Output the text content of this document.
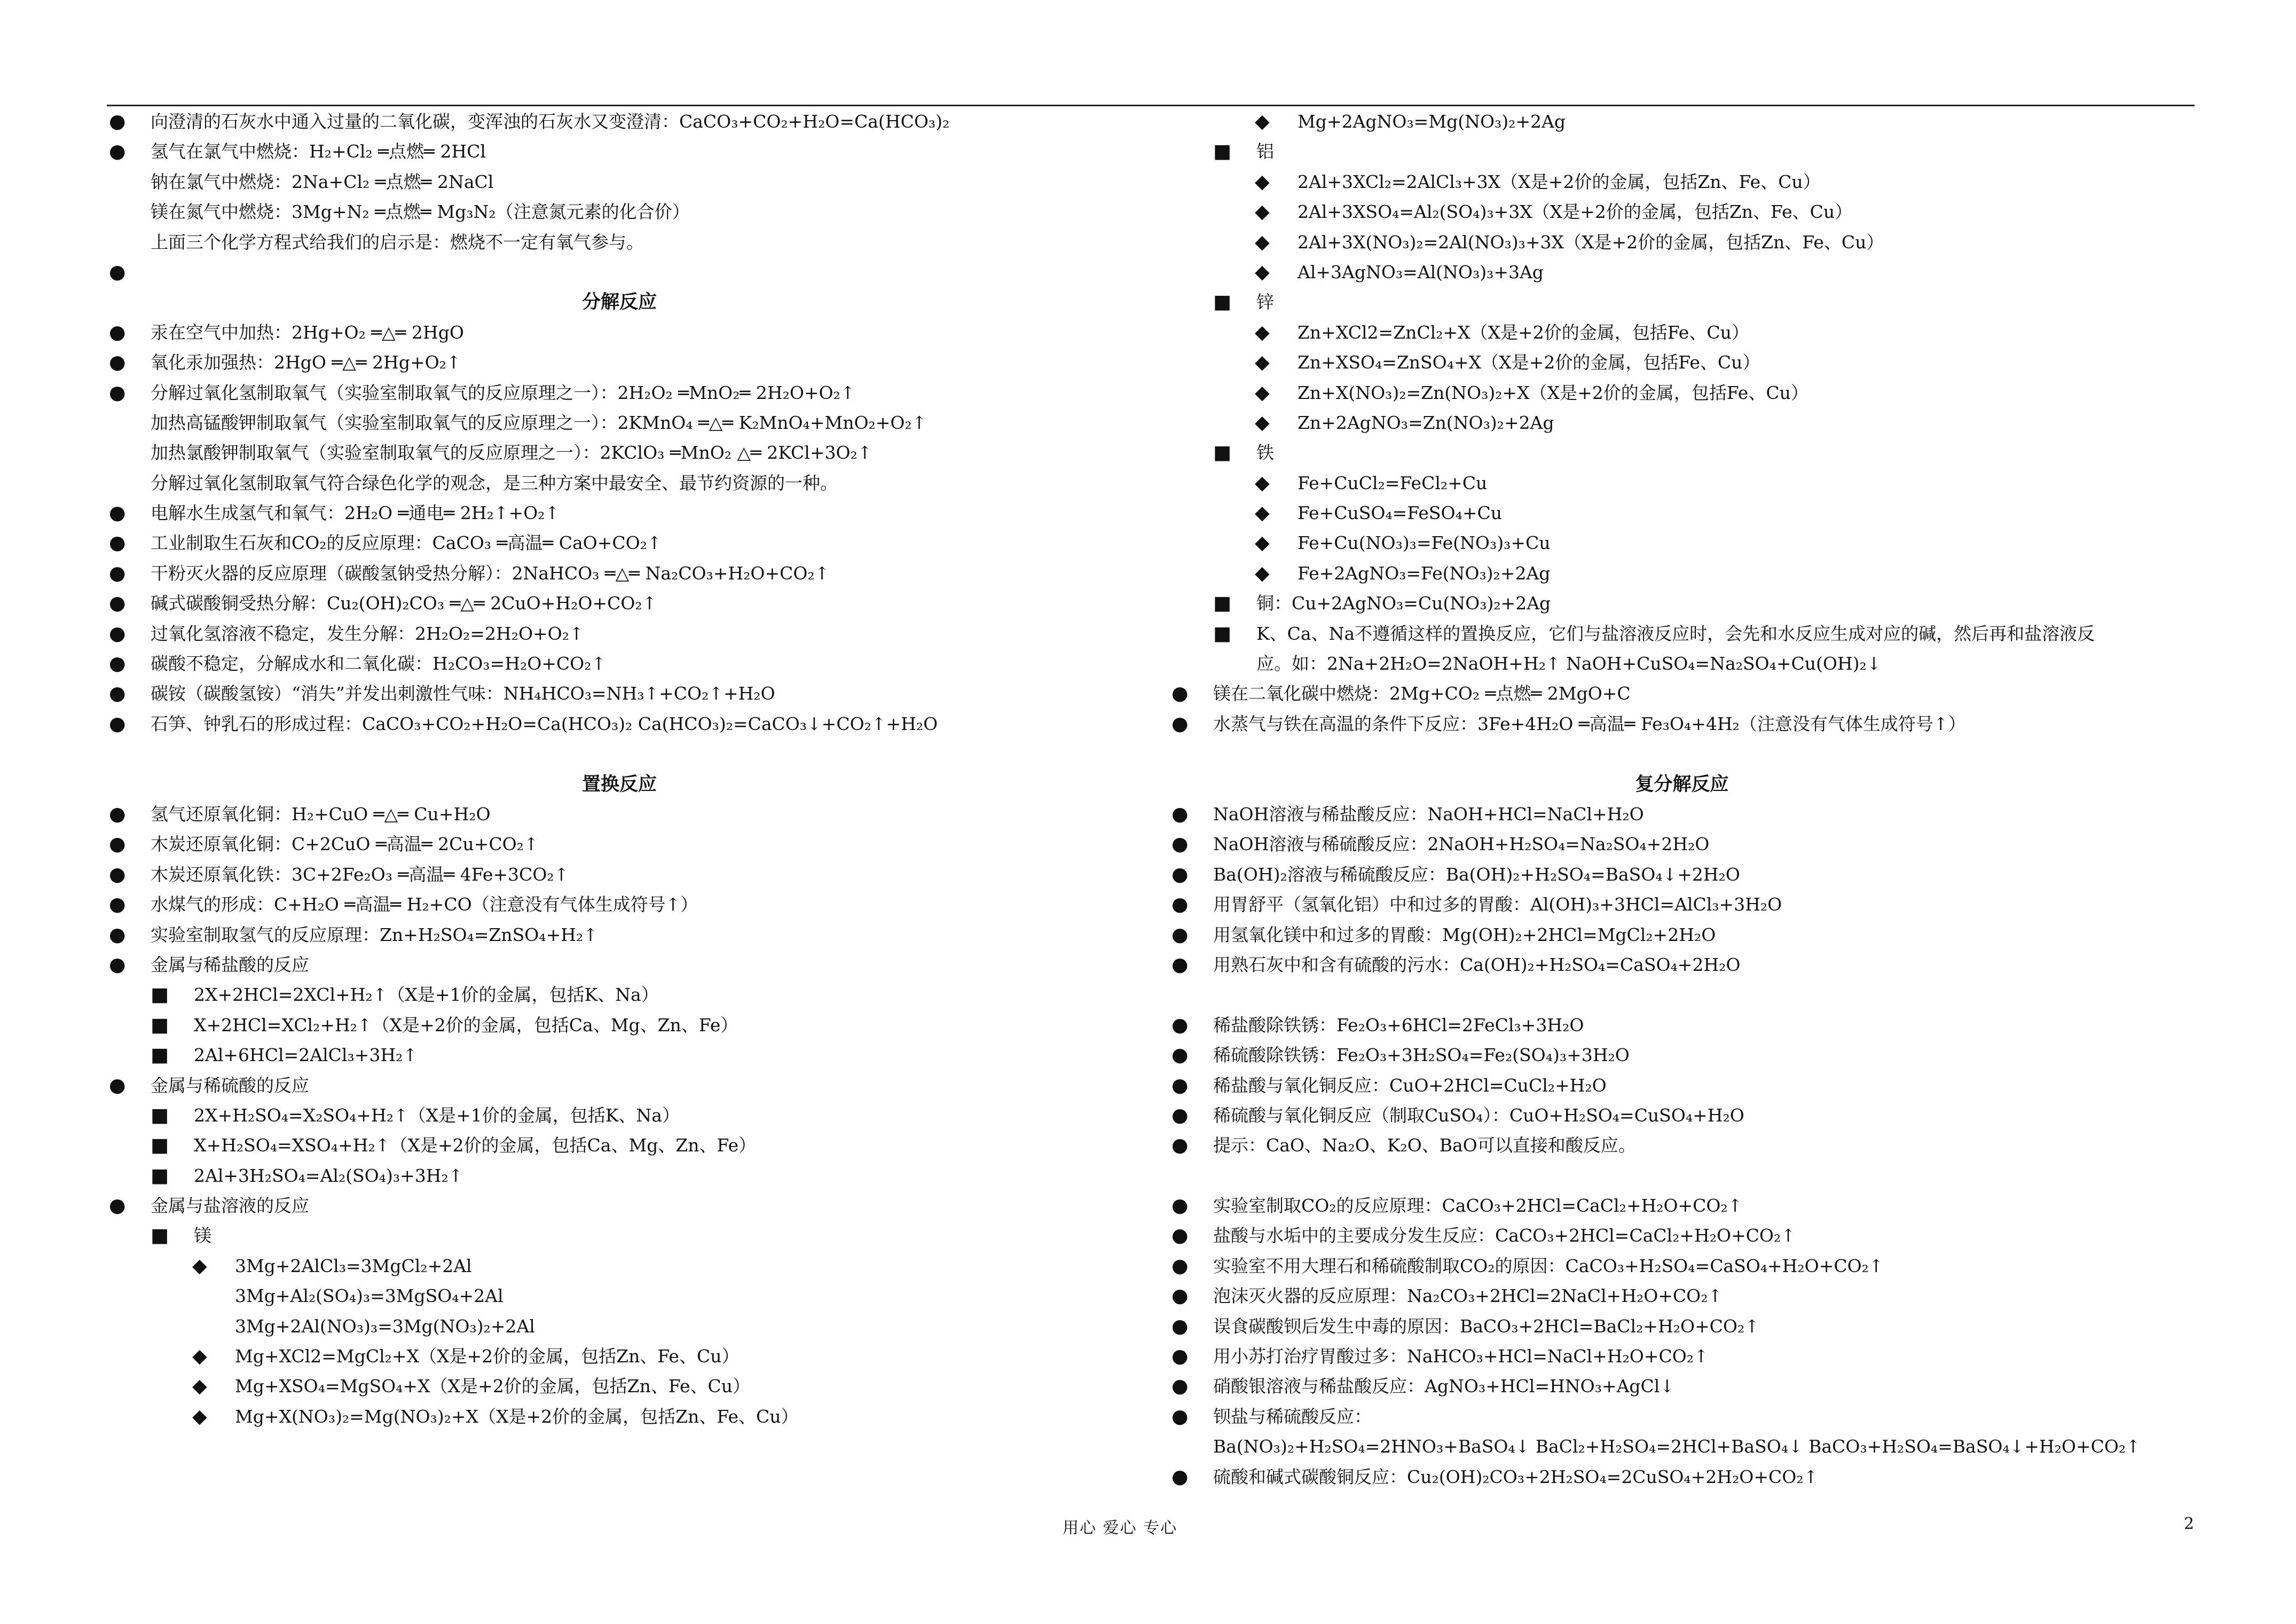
● 向澄清的石灰水中通入过量的二氧化碳，变浑浊的石灰水又变澄清：CaCO₃+CO₂+H₂O=Ca(HCO₃)₂
● 氢气在氯气中燃烧：H₂+Cl₂ ═点燃═ 2HCl
钠在氯气中燃烧：2Na+Cl₂ ═点燃═ 2NaCl
镁在氮气中燃烧：3Mg+N₂ ═点燃═ Mg₃N₂（注意氮元素的化合价）
上面三个化学方程式给我们的启示是：燃烧不一定有氧气参与。
●
分解反应
● 汞在空气中加热：2Hg+O₂ ═△═ 2HgO
● 氧化汞加强热：2HgO ═△═ 2Hg+O₂↑
● 分解过氧化氢制取氧气（实验室制取氧气的反应原理之一）：2H₂O₂ ═MnO₂═ 2H₂O+O₂↑
加热高锰酸钾制取氧气（实验室制取氧气的反应原理之一）：2KMnO₄ ═△═ K₂MnO₄+MnO₂+O₂↑
加热氯酸钾制取氧气（实验室制取氧气的反应原理之一）：2KClO₃ ═MnO₂ △═ 2KCl+3O₂↑
分解过氧化氢制取氧气符合绿色化学的观念，是三种方案中最安全、最节约资源的一种。
● 电解水生成氢气和氧气：2H₂O ═通电═ 2H₂↑+O₂↑
● 工业制取生石灰和CO₂的反应原理：CaCO₃ ═高温═ CaO+CO₂↑
● 干粉灭火器的反应原理（碳酸氢钠受热分解）：2NaHCO₃ ═△═ Na₂CO₃+H₂O+CO₂↑
● 碱式碳酸铜受热分解：Cu₂(OH)₂CO₃ ═△═ 2CuO+H₂O+CO₂↑
● 过氧化氢溶液不稳定，发生分解：2H₂O₂=2H₂O+O₂↑
● 碳酸不稳定，分解成水和二氧化碳：H₂CO₃=H₂O+CO₂↑
● 碳铵（碳酸氢铵）“消失”并发出刺激性气味：NH₄HCO₃=NH₃↑+CO₂↑+H₂O
● 石笋、钟乳石的形成过程：CaCO₃+CO₂+H₂O=Ca(HCO₃)₂ Ca(HCO₃)₂=CaCO₃↓+CO₂↑+H₂O
置换反应
● 氢气还原氧化铜：H₂+CuO ═△═ Cu+H₂O
● 木炭还原氧化铜：C+2CuO ═高温═ 2Cu+CO₂↑
● 木炭还原氧化铁：3C+2Fe₂O₃ ═高温═ 4Fe+3CO₂↑
● 水煤气的形成：C+H₂O ═高温═ H₂+CO（注意没有气体生成符号↑）
● 实验室制取氢气的反应原理：Zn+H₂SO₄=ZnSO₄+H₂↑
● 金属与稀盐酸的反应
■ 2X+2HCl=2XCl+H₂↑（X是+1价的金属，包括K、Na）
■ X+2HCl=XCl₂+H₂↑（X是+2价的金属，包括Ca、Mg、Zn、Fe）
■ 2Al+6HCl=2AlCl₃+3H₂↑
● 金属与稀硫酸的反应
■ 2X+H₂SO₄=X₂SO₄+H₂↑（X是+1价的金属，包括K、Na）
■ X+H₂SO₄=XSO₄+H₂↑（X是+2价的金属，包括Ca、Mg、Zn、Fe）
■ 2Al+3H₂SO₄=Al₂(SO₄)₃+3H₂↑
● 金属与盐溶液的反应
■ 镁
◆ 3Mg+2AlCl₃=3MgCl₂+2Al
3Mg+Al₂(SO₄)₃=3MgSO₄+2Al
3Mg+2Al(NO₃)₃=3Mg(NO₃)₂+2Al
◆ Mg+XCl2=MgCl₂+X（X是+2价的金属，包括Zn、Fe、Cu）
◆ Mg+XSO₄=MgSO₄+X（X是+2价的金属，包括Zn、Fe、Cu）
◆ Mg+X(NO₃)₂=Mg(NO₃)₂+X（X是+2价的金属，包括Zn、Fe、Cu）
◆ Mg+2AgNO₃=Mg(NO₃)₂+2Ag
■ 铝
◆ 2Al+3XCl₂=2AlCl₃+3X（X是+2价的金属，包括Zn、Fe、Cu）
◆ 2Al+3XSO₄=Al₂(SO₄)₃+3X（X是+2价的金属，包括Zn、Fe、Cu）
◆ 2Al+3X(NO₃)₂=2Al(NO₃)₃+3X（X是+2价的金属，包括Zn、Fe、Cu）
◆ Al+3AgNO₃=Al(NO₃)₃+3Ag
■ 锌
◆ Zn+XCl2=ZnCl₂+X（X是+2价的金属，包括Fe、Cu）
◆ Zn+XSO₄=ZnSO₄+X（X是+2价的金属，包括Fe、Cu）
◆ Zn+X(NO₃)₂=Zn(NO₃)₂+X（X是+2价的金属，包括Fe、Cu）
◆ Zn+2AgNO₃=Zn(NO₃)₂+2Ag
■ 铁
◆ Fe+CuCl₂=FeCl₂+Cu
◆ Fe+CuSO₄=FeSO₄+Cu
◆ Fe+Cu(NO₃)₃=Fe(NO₃)₃+Cu
◆ Fe+2AgNO₃=Fe(NO₃)₂+2Ag
■ 铜：Cu+2AgNO₃=Cu(NO₃)₂+2Ag
■ K、Ca、Na不遵循这样的置换反应，它们与盐溶液反应时，会先和水反应生成对应的碱，然后再和盐溶液反
应。如：2Na+2H₂O=2NaOH+H₂↑ NaOH+CuSO₄=Na₂SO₄+Cu(OH)₂↓
● 镁在二氧化碳中燃烧：2Mg+CO₂ ═点燃═ 2MgO+C
● 水蒸气与铁在高温的条件下反应：3Fe+4H₂O ═高温═ Fe₃O₄+4H₂（注意没有气体生成符号↑）
复分解反应
● NaOH溶液与稀盐酸反应：NaOH+HCl=NaCl+H₂O
● NaOH溶液与稀硫酸反应：2NaOH+H₂SO₄=Na₂SO₄+2H₂O
● Ba(OH)₂溶液与稀硫酸反应：Ba(OH)₂+H₂SO₄=BaSO₄↓+2H₂O
● 用胃舒平（氢氧化铝）中和过多的胃酸：Al(OH)₃+3HCl=AlCl₃+3H₂O
● 用氢氧化镁中和过多的胃酸：Mg(OH)₂+2HCl=MgCl₂+2H₂O
● 用熟石灰中和含有硫酸的污水：Ca(OH)₂+H₂SO₄=CaSO₄+2H₂O
● 稀盐酸除铁锈：Fe₂O₃+6HCl=2FeCl₃+3H₂O
● 稀硫酸除铁锈：Fe₂O₃+3H₂SO₄=Fe₂(SO₄)₃+3H₂O
● 稀盐酸与氧化铜反应：CuO+2HCl=CuCl₂+H₂O
● 稀硫酸与氧化铜反应（制取CuSO₄）：CuO+H₂SO₄=CuSO₄+H₂O
● 提示：CaO、Na₂O、K₂O、BaO可以直接和酸反应。
● 实验室制取CO₂的反应原理：CaCO₃+2HCl=CaCl₂+H₂O+CO₂↑
● 盐酸与水垢中的主要成分发生反应：CaCO₃+2HCl=CaCl₂+H₂O+CO₂↑
● 实验室不用大理石和稀硫酸制取CO₂的原因：CaCO₃+H₂SO₄=CaSO₄+H₂O+CO₂↑
● 泡沫灭火器的反应原理：Na₂CO₃+2HCl=2NaCl+H₂O+CO₂↑
● 误食碳酸钡后发生中毒的原因：BaCO₃+2HCl=BaCl₂+H₂O+CO₂↑
● 用小苏打治疗胃酸过多：NaHCO₃+HCl=NaCl+H₂O+CO₂↑
● 硝酸银溶液与稀盐酸反应：AgNO₃+HCl=HNO₃+AgCl↓
● 钡盐与稀硫酸反应：
Ba(NO₃)₂+H₂SO₄=2HNO₃+BaSO₄↓ BaCl₂+H₂SO₄=2HCl+BaSO₄↓ BaCO₃+H₂SO₄=BaSO₄↓+H₂O+CO₂↑
● 硫酸和碱式碳酸铜反应：Cu₂(OH)₂CO₃+2H₂SO₄=2CuSO₄+2H₂O+CO₂↑
用心 爱心 专心	2
